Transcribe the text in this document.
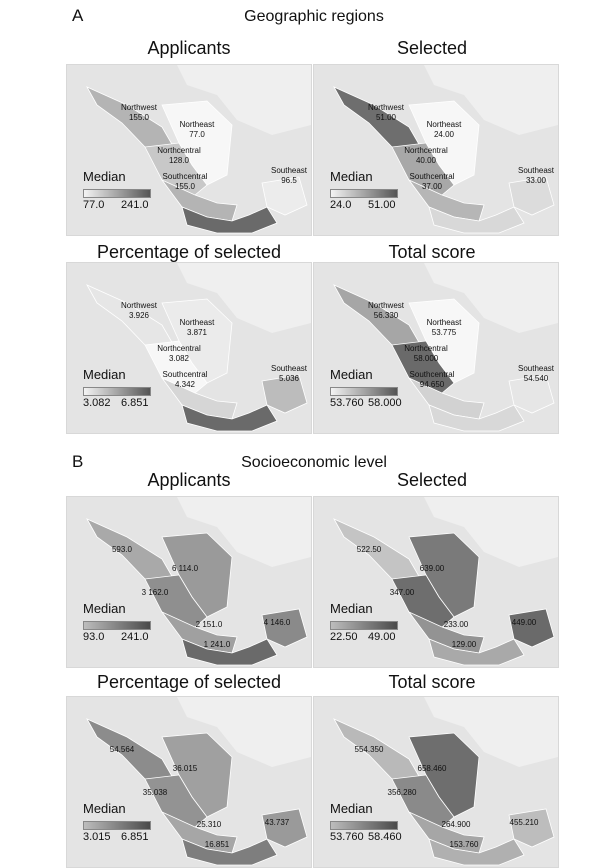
A	Geographic regions
B	Socioeconomic level
Applicants
Northwest
155.0
Northeast
77.0
Northcentral
128.0
Southcentral
155.0
Southeast
96.5
Median
77.0 241.0
Selected
Northwest
51.00
Northeast
24.00
Northcentral
40.00
Southcentral
37.00
Southeast
33.00
Median
24.0 51.00
Percentage of selected
Northwest
3.926
Northeast
3.871
Northcentral
3.082
Southcentral
4.342
Southeast
5.036
Median
3.082 6.851
Total score
Northwest
56.330
Northeast
53.775
Northcentral
58.000
Southcentral
94.650
Southeast
54.540
Median
53.760 58.000
Applicants
593.0
6 114.0
3 162.0
2 151.0	4 146.0
1 241.0
Median
93.0 241.0
Selected
522.50
639.00
347.00
233.00	449.00
129.00
Median
22.50 49.00
Percentage of selected
54.564
36.015
35.038
25.310	43.737
16.851
Median
3.015 6.851
Total score
554.350
658.460
356.280
264.900	455.210
153.760
Median
53.760 58.460
